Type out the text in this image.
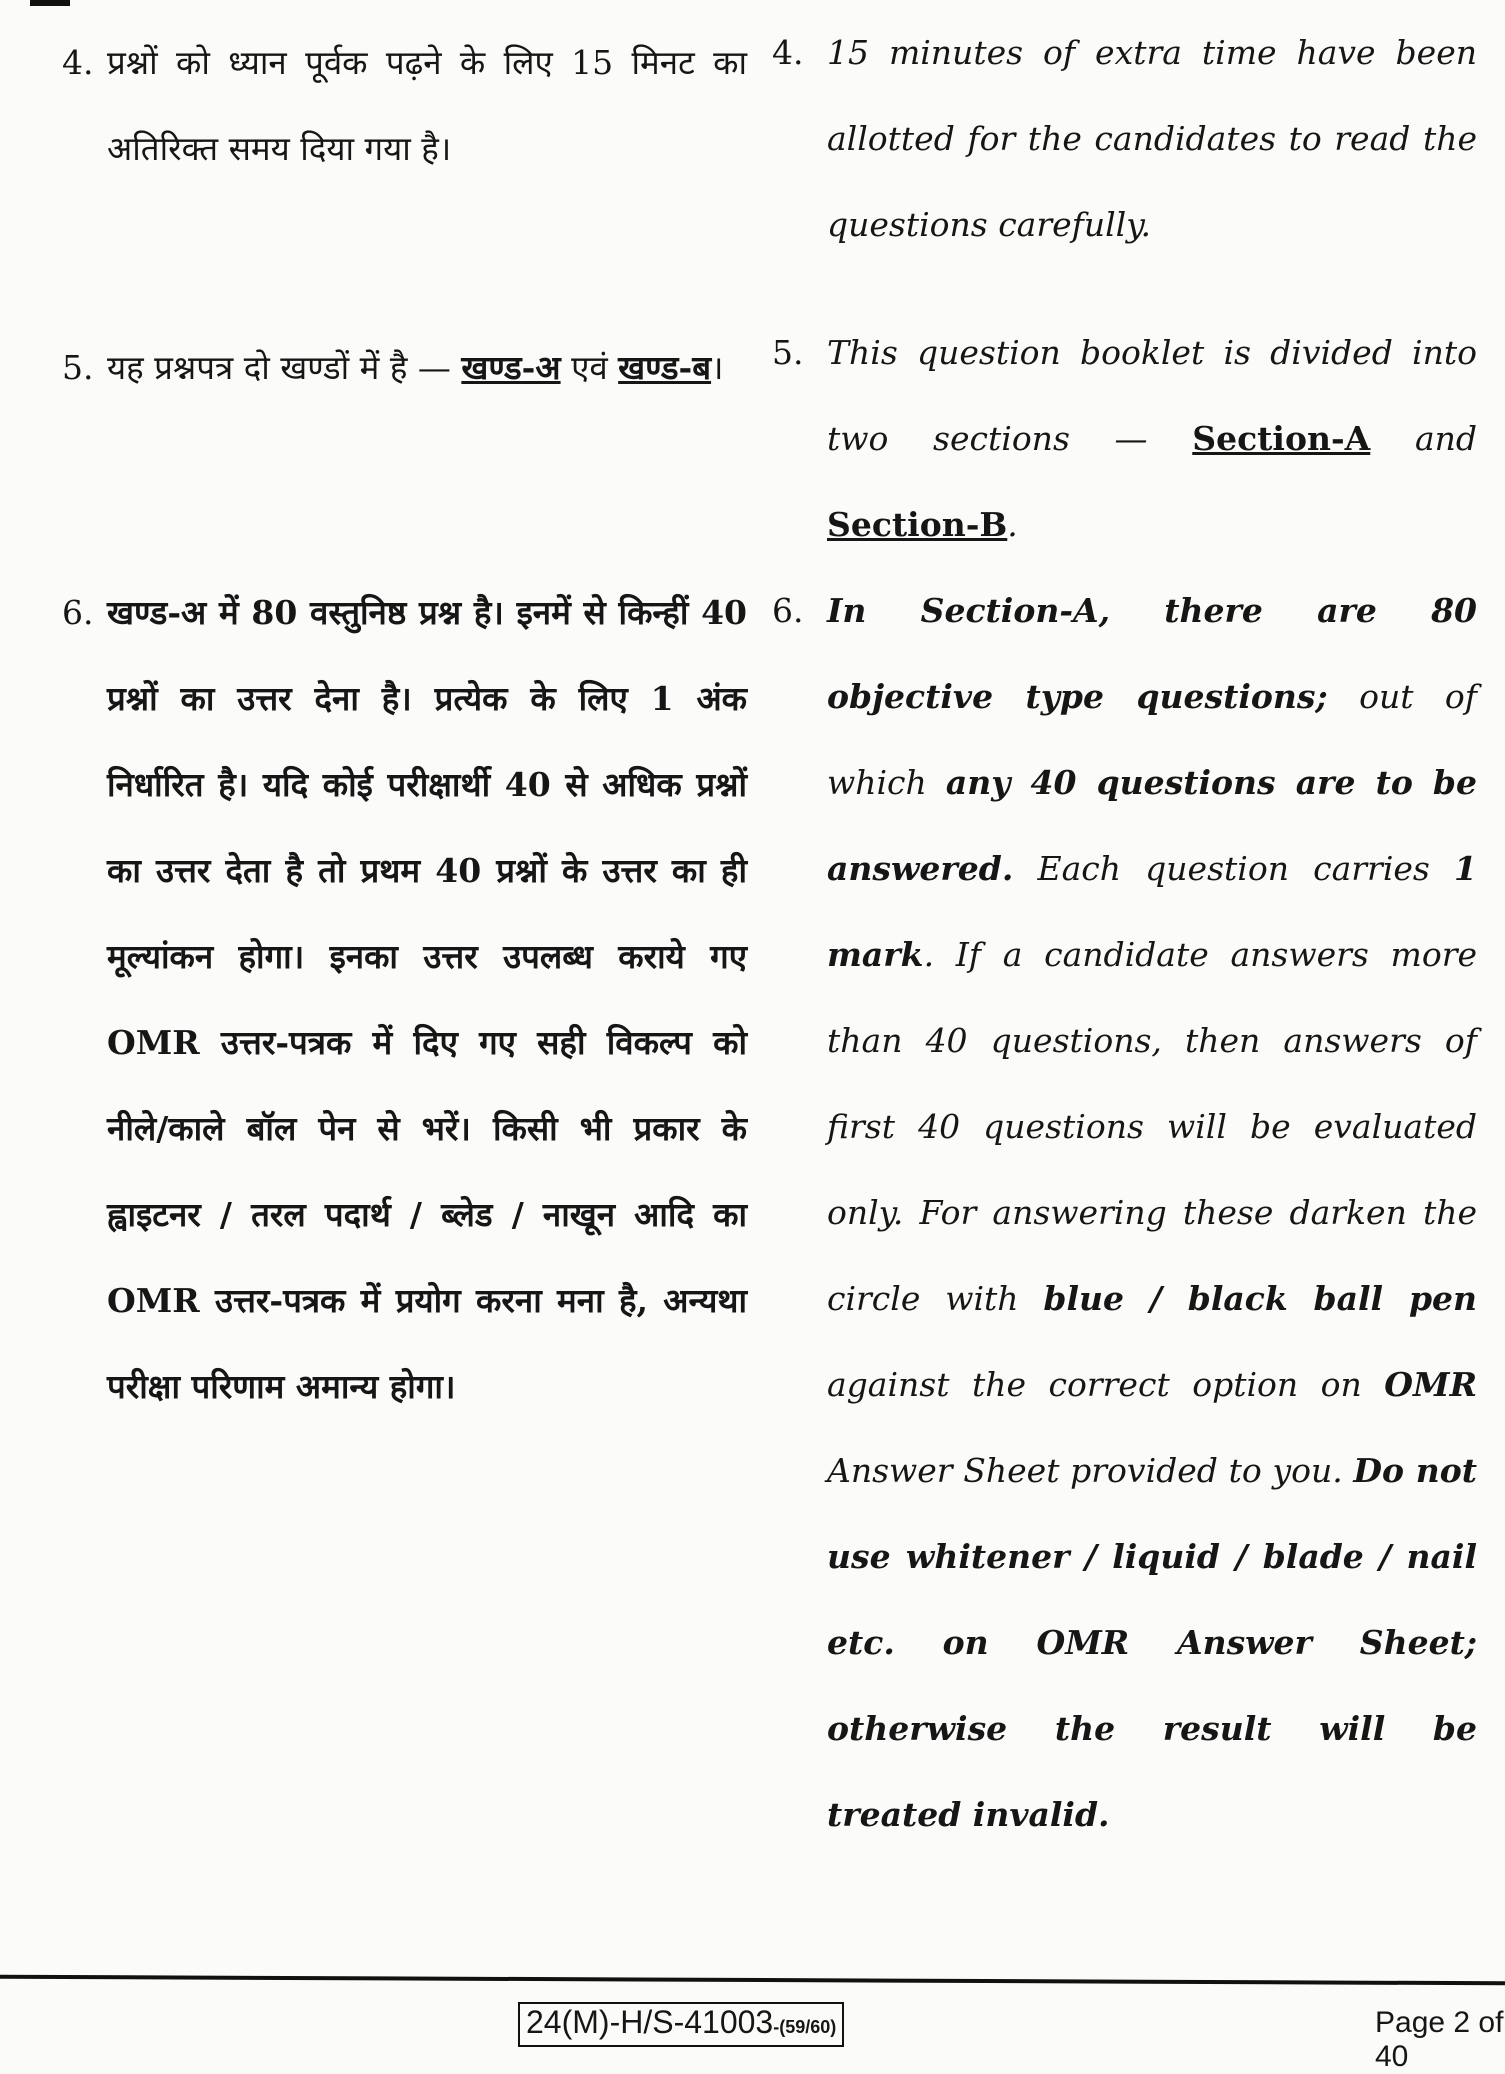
4. प्रश्नों को ध्यान पूर्वक पढ़ने के लिए 15 मिनट का अतिरिक्त समय दिया गया है।
5. यह प्रश्नपत्र दो खण्डों में है — खण्ड-अ एवं खण्ड-ब।
6. खण्ड-अ में 80 वस्तुनिष्ठ प्रश्न है। इनमें से किन्हीं 40 प्रश्नों का उत्तर देना है। प्रत्येक के लिए 1 अंक निर्धारित है। यदि कोई परीक्षार्थी 40 से अधिक प्रश्नों का उत्तर देता है तो प्रथम 40 प्रश्नों के उत्तर का ही मूल्यांकन होगा। इनका उत्तर उपलब्ध कराये गए OMR उत्तर-पत्रक में दिए गए सही विकल्प को नीले/काले बॉल पेन से भरें। किसी भी प्रकार के ह्वाइटनर / तरल पदार्थ / ब्लेड / नाखून आदि का OMR उत्तर-पत्रक में प्रयोग करना मना है, अन्यथा परीक्षा परिणाम अमान्य होगा।
4. 15 minutes of extra time have been allotted for the candidates to read the questions carefully.
5. This question booklet is divided into two sections — Section-A and Section-B.
6. In Section-A, there are 80 objective type questions; out of which any 40 questions are to be answered. Each question carries 1 mark. If a candidate answers more than 40 questions, then answers of first 40 questions will be evaluated only. For answering these darken the circle with blue / black ball pen against the correct option on OMR Answer Sheet provided to you. Do not use whitener / liquid / blade / nail etc. on OMR Answer Sheet; otherwise the result will be treated invalid.
24(M)-H/S-41003-(59/60)	Page 2 of 40
